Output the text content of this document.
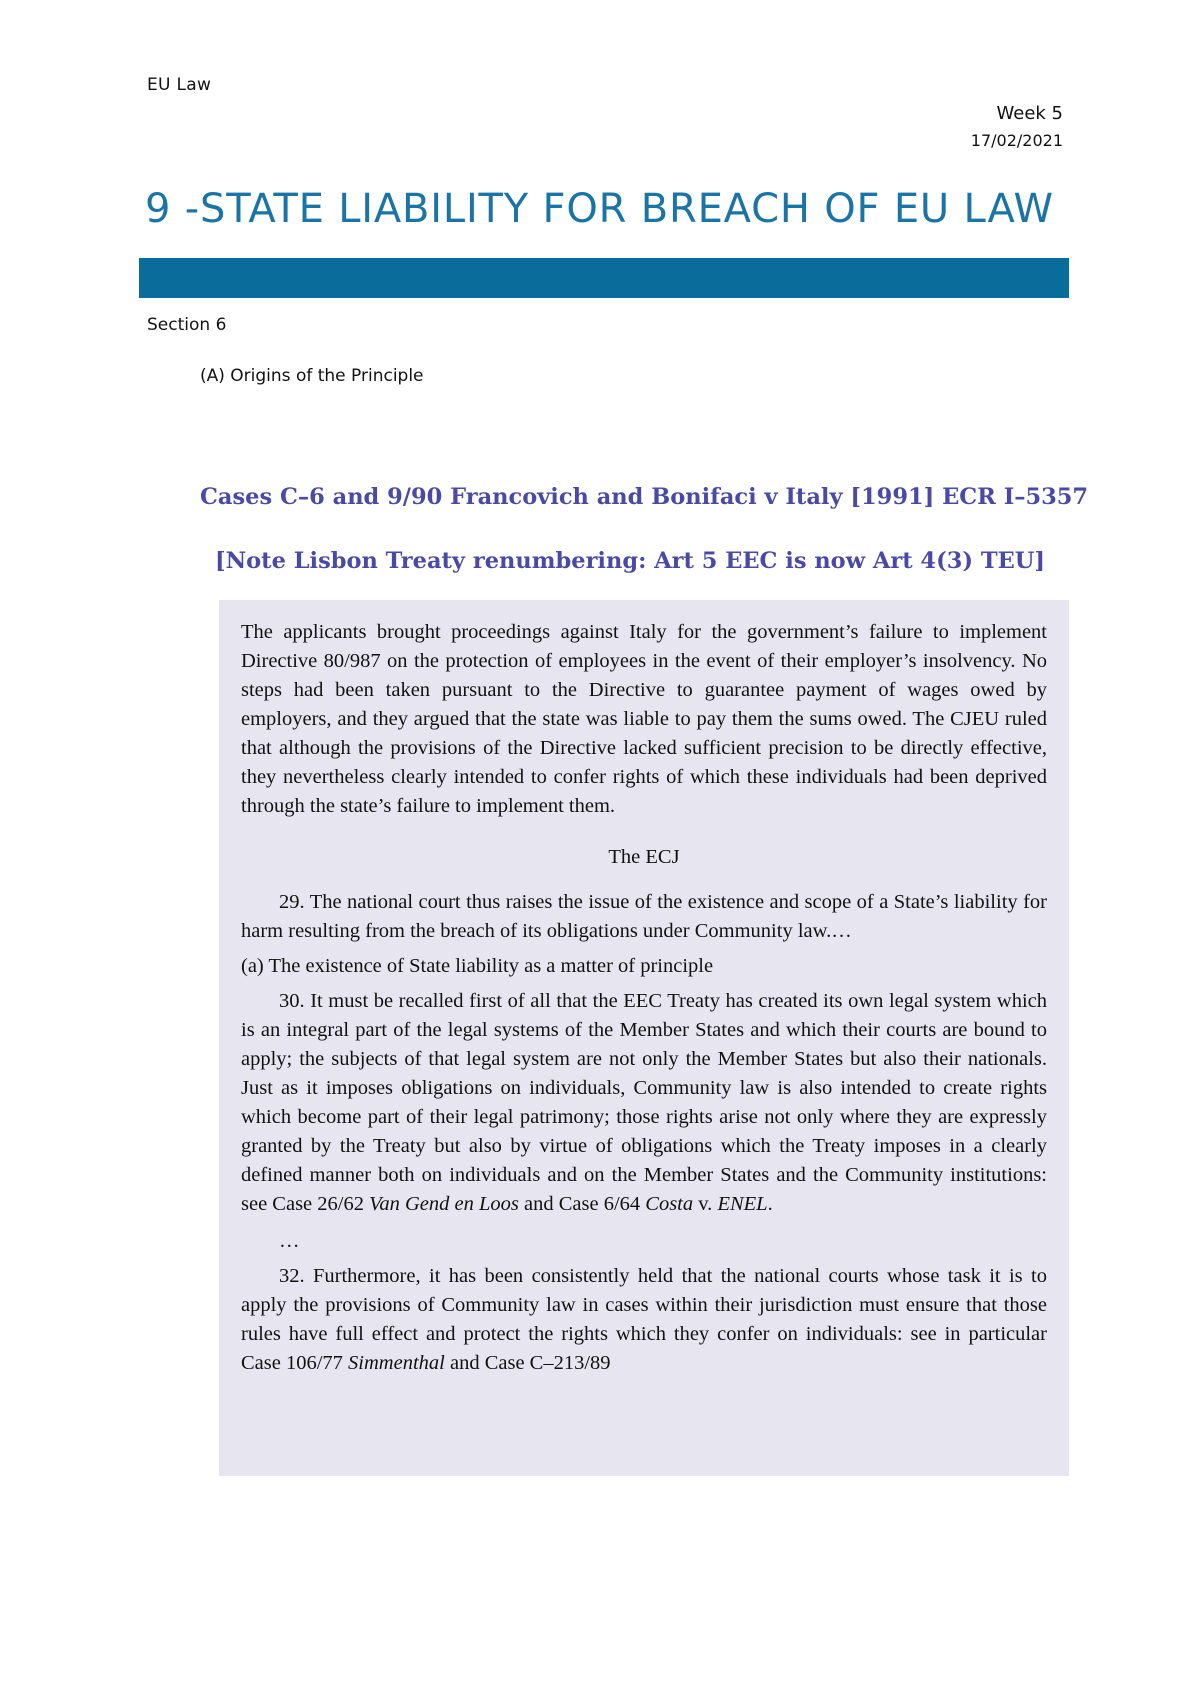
EU Law
Week 5
17/02/2021
9 -STATE LIABILITY FOR BREACH OF EU LAW
Section 6
(A) Origins of the Principle
Cases C–6 and 9/90 Francovich and Bonifaci v Italy [1991] ECR I–5357
[Note Lisbon Treaty renumbering: Art 5 EEC is now Art 4(3) TEU]

The applicants brought proceedings against Italy for the government’s failure to implement Directive 80/987 on the protection of employees in the event of their employer’s insolvency. No steps had been taken pursuant to the Directive to guarantee payment of wages owed by employers, and they argued that the state was liable to pay them the sums owed. The CJEU ruled that although the provisions of the Directive lacked sufficient precision to be directly effective, they nevertheless clearly intended to confer rights of which these individuals had been deprived through the state’s failure to implement them.

The ECJ

29. The national court thus raises the issue of the existence and scope of a State’s liability for harm resulting from the breach of its obligations under Community law.…

(a) The existence of State liability as a matter of principle

30. It must be recalled first of all that the EEC Treaty has created its own legal system which is an integral part of the legal systems of the Member States and which their courts are bound to apply; the subjects of that legal system are not only the Member States but also their nationals. Just as it imposes obligations on individuals, Community law is also intended to create rights which become part of their legal patrimony; those rights arise not only where they are expressly granted by the Treaty but also by virtue of obligations which the Treaty imposes in a clearly defined manner both on individuals and on the Member States and the Community institutions: see Case 26/62 Van Gend en Loos and Case 6/64 Costa v. ENEL.

…

32. Furthermore, it has been consistently held that the national courts whose task it is to apply the provisions of Community law in cases within their jurisdiction must ensure that those rules have full effect and protect the rights which they confer on individuals: see in particular Case 106/77 Simmenthal and Case C–213/89
